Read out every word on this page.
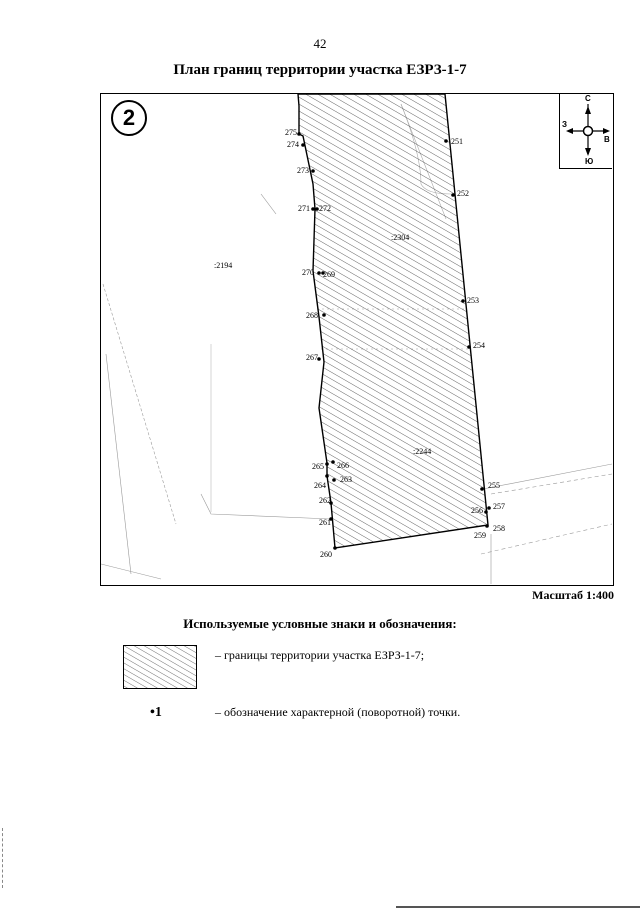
42
План границ территории участка ЕЗРЗ-1-7
2
С
Ю
З
В
:2194
:2304
:2244
251
252
253
254
255
256 257
258
259
260
261
262
263
264
265 266
267
268
269
270
271 272
273
274
275
Масштаб 1:400
Используемые условные знаки и обозначения:
– границы территории участка ЕЗРЗ-1-7;
•1	– обозначение характерной (поворотной) точки.
